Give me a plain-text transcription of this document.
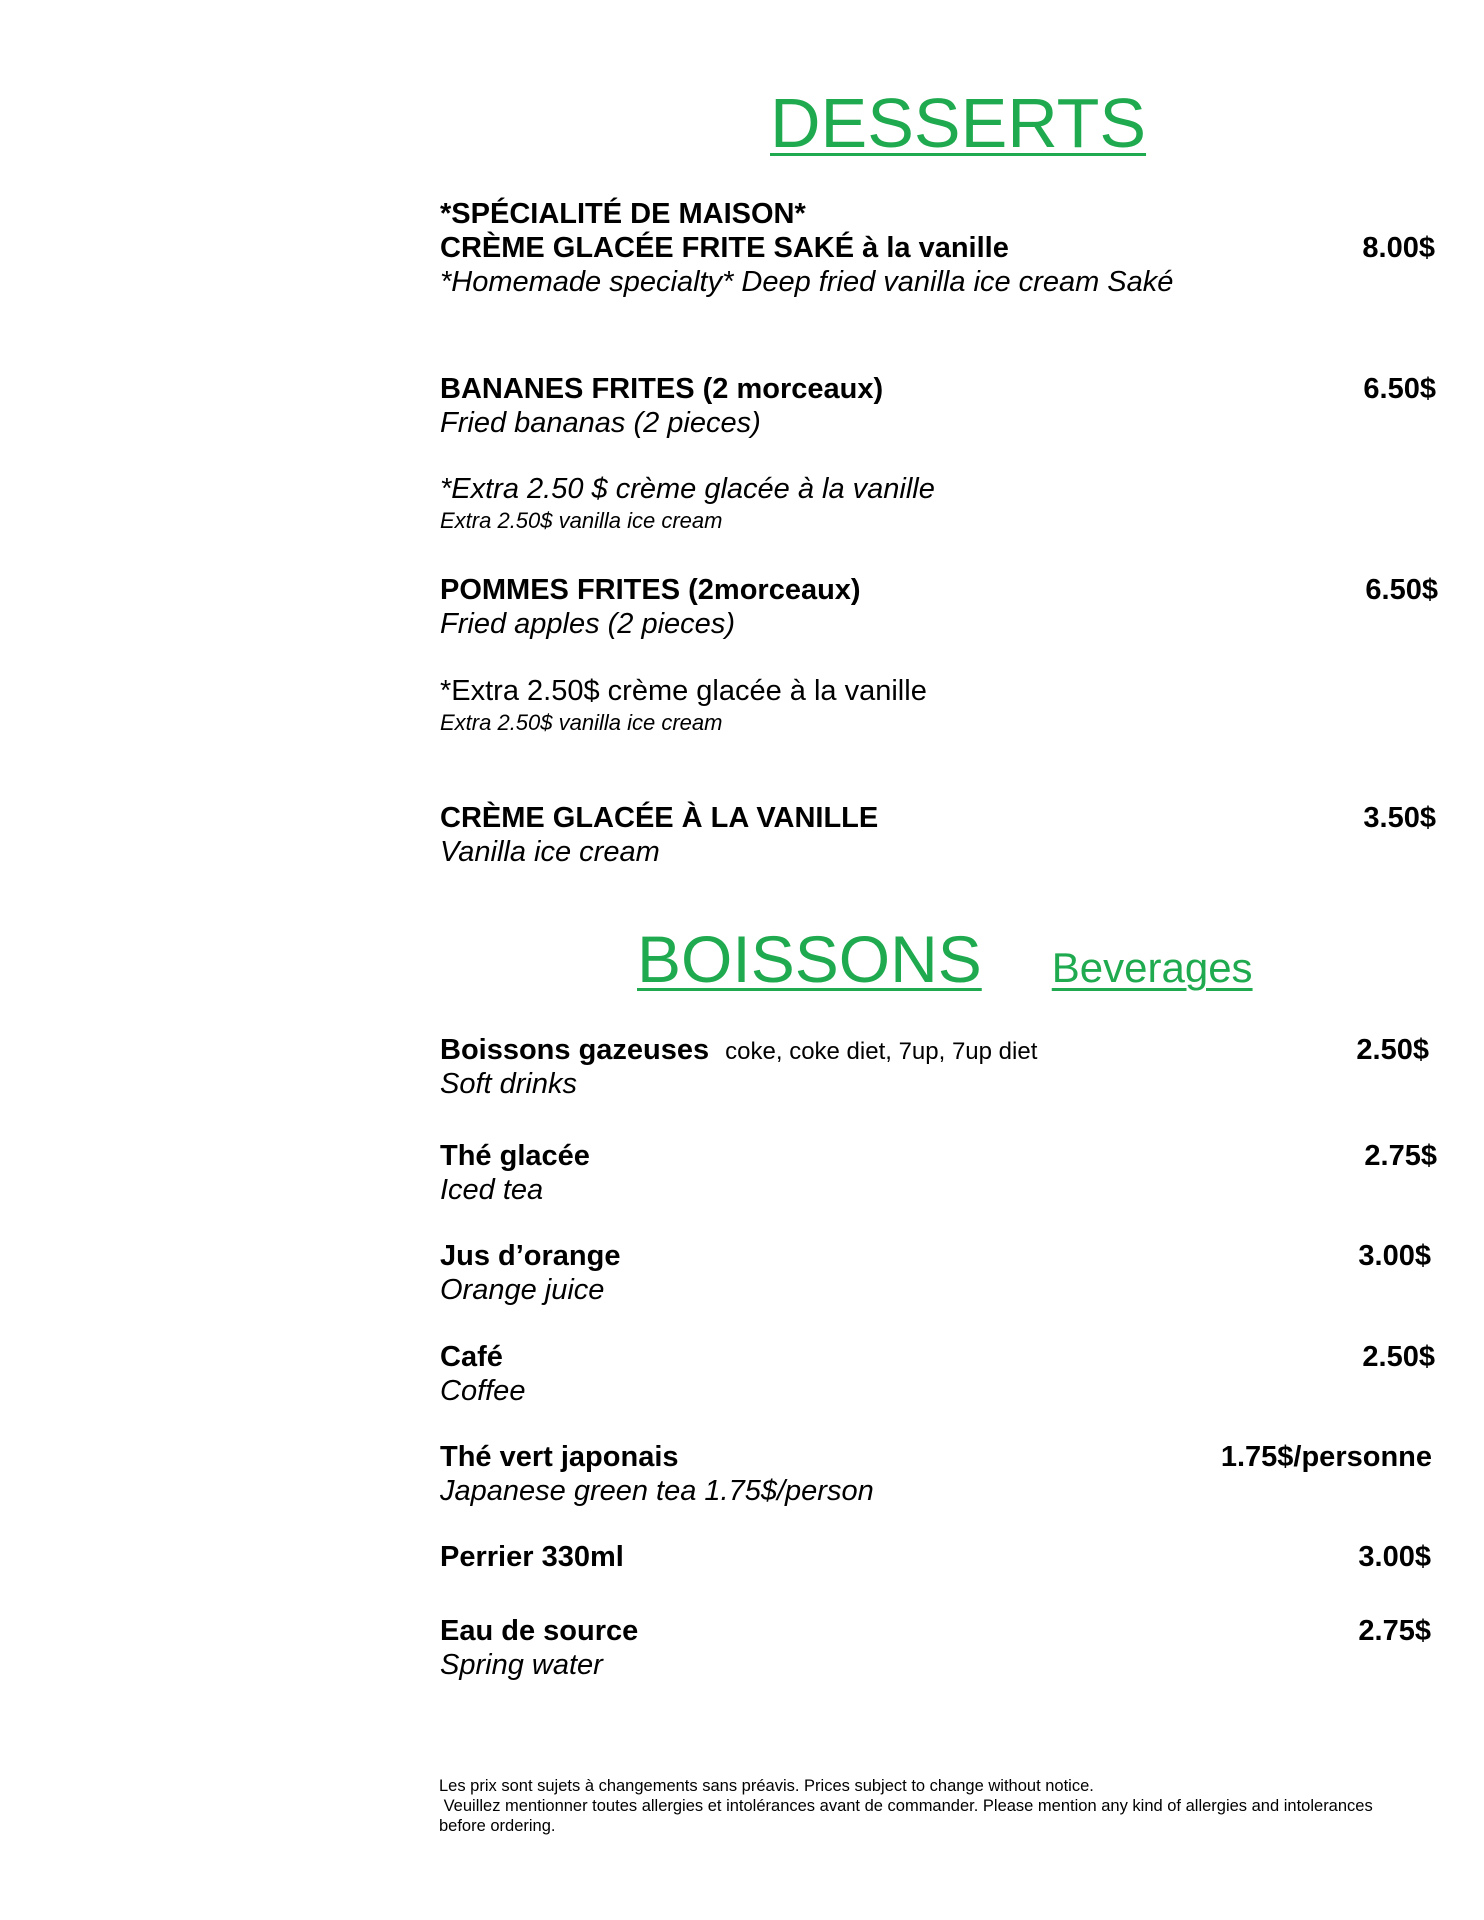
DESSERTS
*SPÉCIALITÉ DE MAISON*
CRÈME GLACÉE FRITE SAKÉ à la vanille	8.00$
*Homemade specialty* Deep fried vanilla ice cream Saké
BANANES FRITES (2 morceaux)	6.50$
Fried bananas (2 pieces)
*Extra 2.50 $ crème glacée à la vanille
Extra 2.50$ vanilla ice cream
POMMES FRITES (2morceaux)	6.50$
Fried apples (2 pieces)
*Extra 2.50$ crème glacée à la vanille
Extra 2.50$ vanilla ice cream
CRÈME GLACÉE À LA VANILLE	3.50$
Vanilla ice cream
BOISSONS Beverages
Boissons gazeuses coke, coke diet, 7up, 7up diet	2.50$
Soft drinks
Thé glacée	2.75$
Iced tea
Jus d’orange	3.00$
Orange juice
Café	2.50$
Coffee
Thé vert japonais	1.75$/personne
Japanese green tea 1.75$/person
Perrier 330ml	3.00$
Eau de source	2.75$
Spring water
Les prix sont sujets à changements sans préavis. Prices subject to change without notice.
Veuillez mentionner toutes allergies et intolérances avant de commander. Please mention any kind of allergies and intolerances
before ordering.
